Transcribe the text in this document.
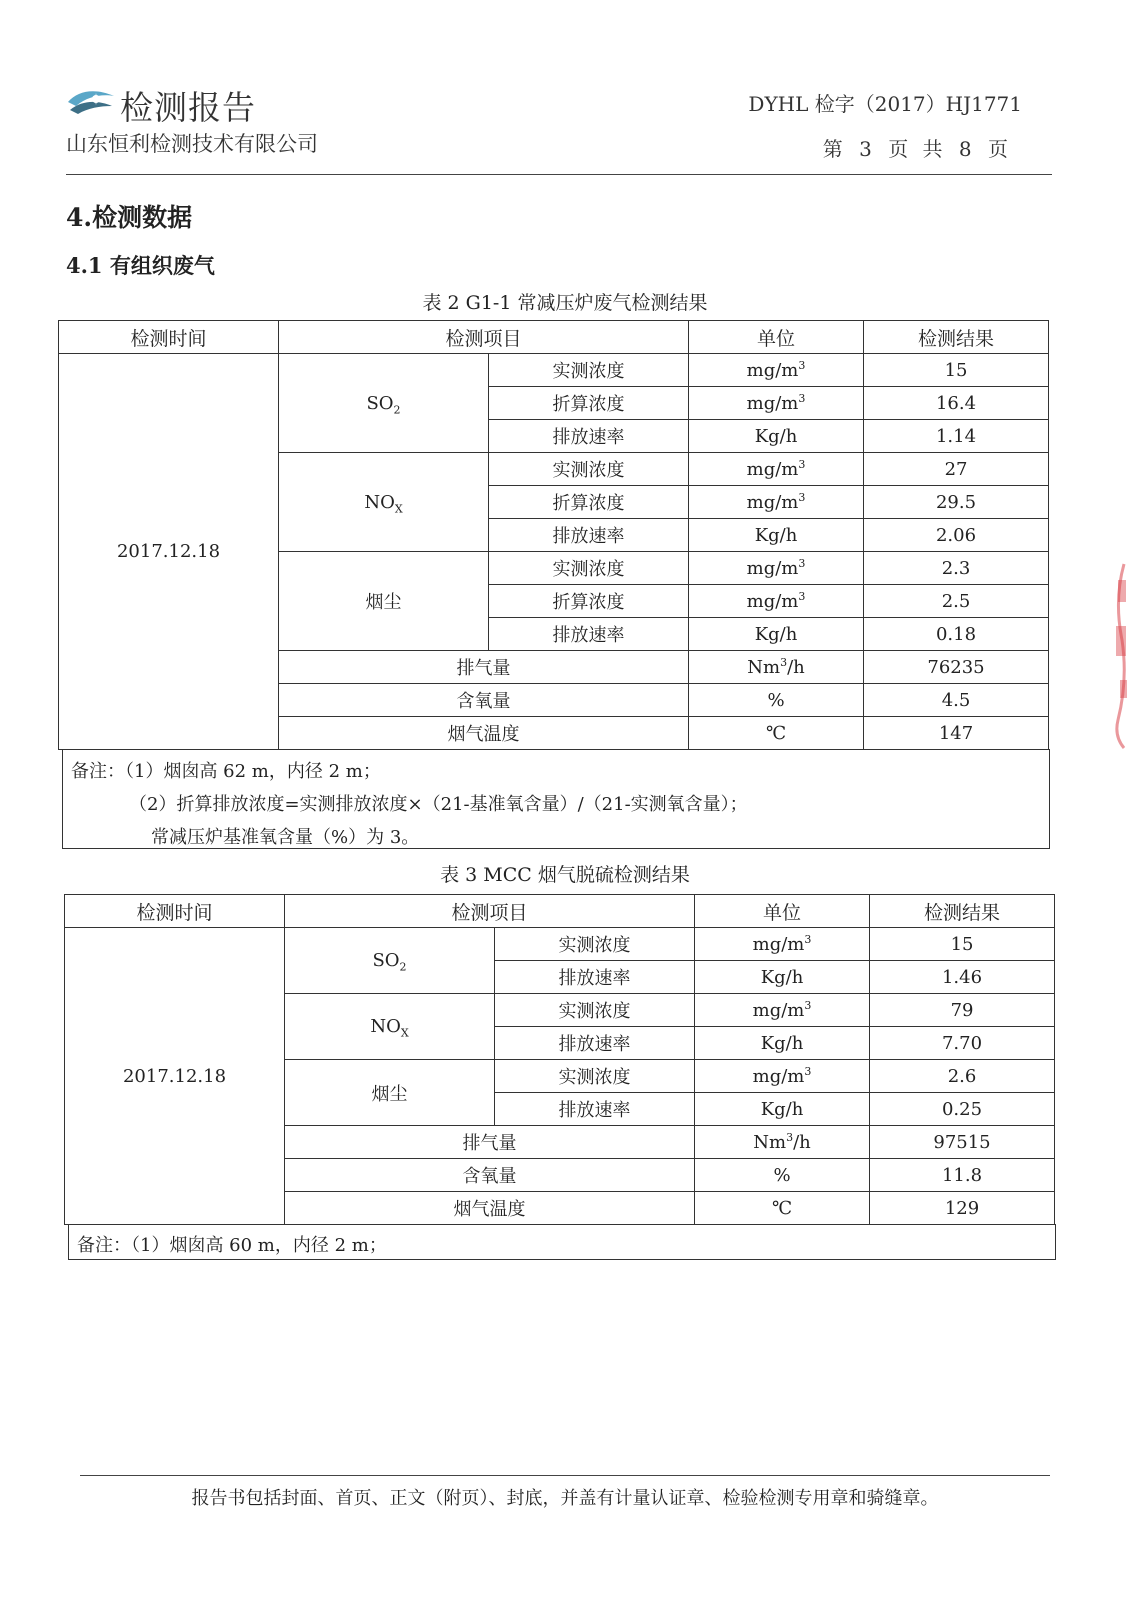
检测报告
山东恒利检测技术有限公司
DYHL 检字（2017）HJ1771
第 3 页 共 8 页
4.检测数据
4.1 有组织废气
表 2 G1-1 常减压炉废气检测结果
检测时间	检测项目		单位	检测结果
2017.12.18	$SO_2$	实测浓度	$mg/m^3$	15
		折算浓度	$mg/m^3$	16.4
		排放速率	Kg/h	1.14
	$NO_X$	实测浓度	$mg/m^3$	27
		折算浓度	$mg/m^3$	29.5
		排放速率	Kg/h	2.06
	烟尘	实测浓度	$mg/m^3$	2.3
		折算浓度	$mg/m^3$	2.5
		排放速率	Kg/h	0.18
	排气量		Nm$^3$/h	76235
	含氧量		%	4.5
	烟气温度		℃	147
备注：（1）烟囱高 62 m，内径 2 m；
（2）折算排放浓度=实测排放浓度×（21-基准氧含量）/（21-实测氧含量）；
常减压炉基准氧含量（%）为 3。
表 3 MCC 烟气脱硫检测结果
检测时间	检测项目		单位	检测结果
2017.12.18	$SO_2$	实测浓度	$mg/m^3$	15
		排放速率	Kg/h	1.46
	$NO_X$	实测浓度	$mg/m^3$	79
		排放速率	Kg/h	7.70
	烟尘	实测浓度	$mg/m^3$	2.6
		排放速率	Kg/h	0.25
	排气量		Nm$^3$/h	97515
	含氧量		%	11.8
	烟气温度		℃	129
备注：（1）烟囱高 60 m，内径 2 m；
报告书包括封面、首页、正文（附页）、封底，并盖有计量认证章、检验检测专用章和骑缝章。
